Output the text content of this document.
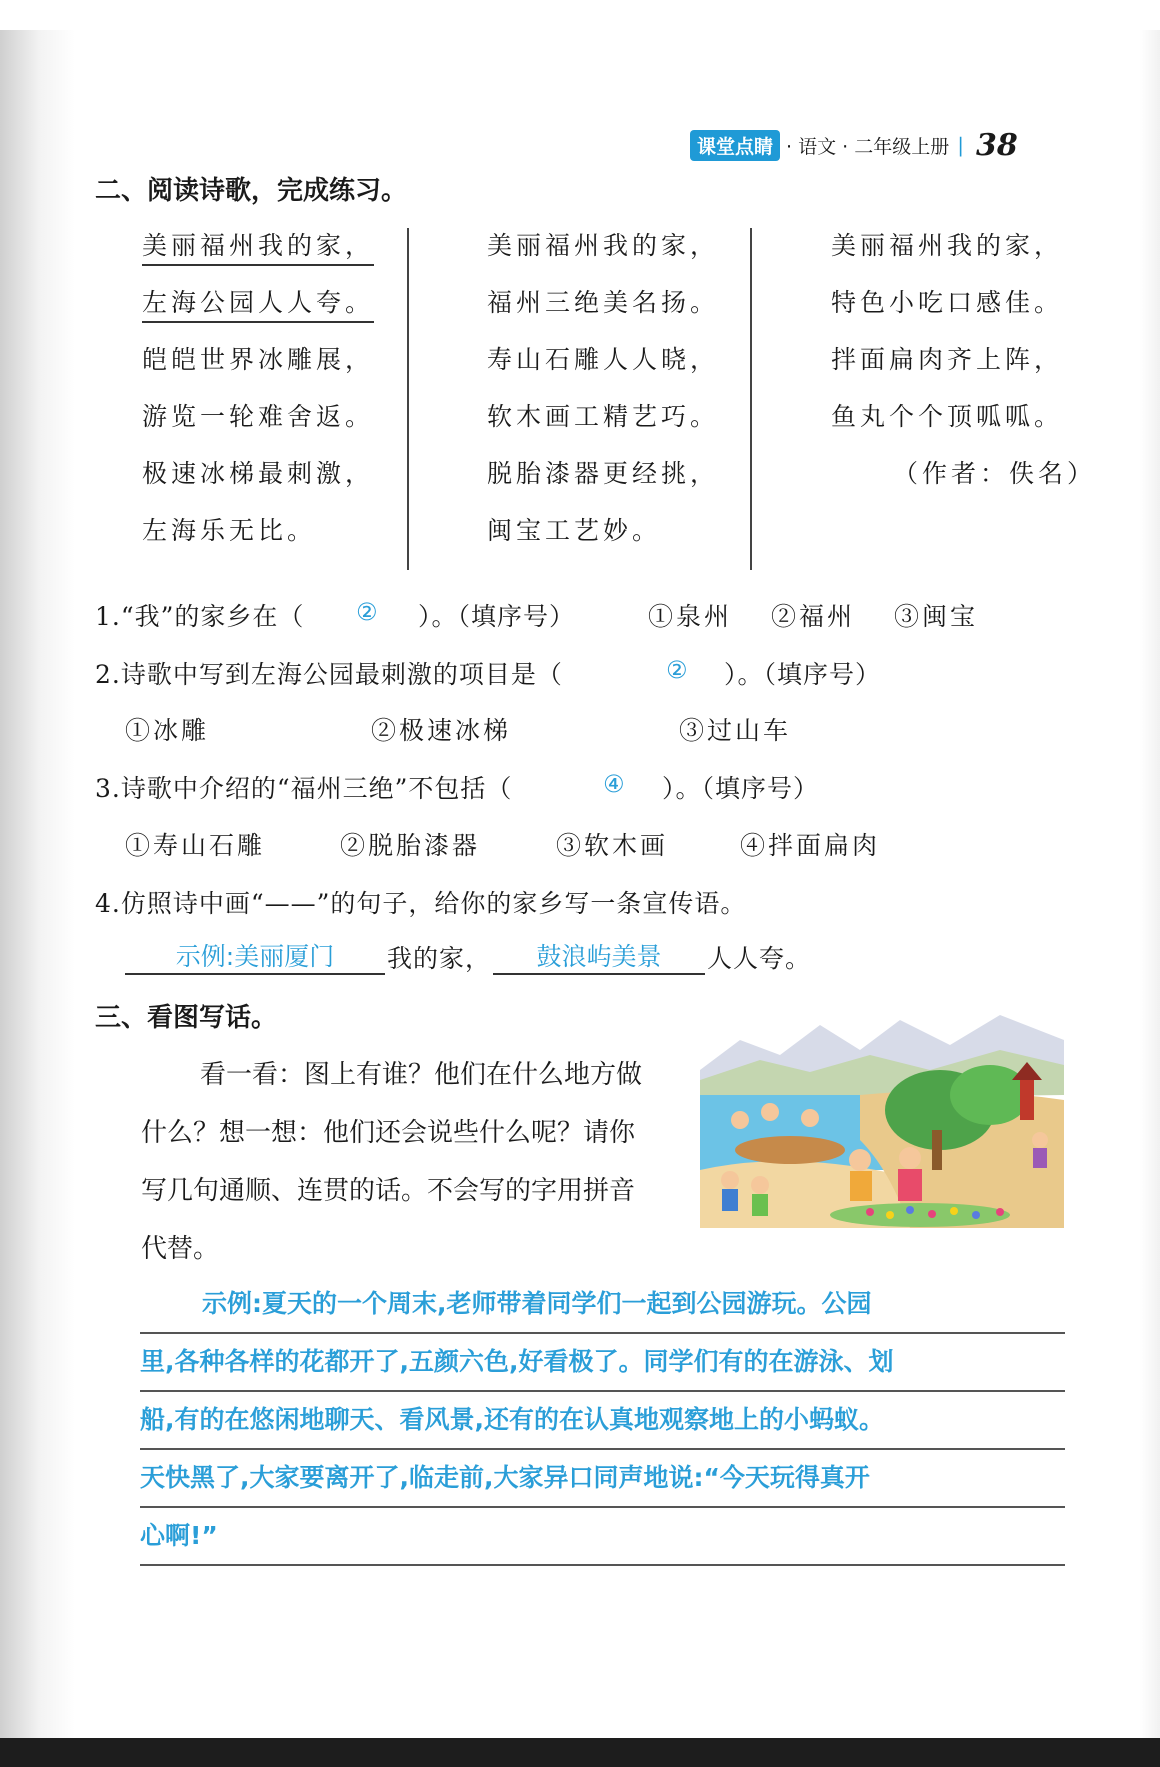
课堂点睛 · 语文 · 二年级上册 | 38
二、阅读诗歌，完成练习。
美丽福州我的家，
左海公园人人夸。
皑皑世界冰雕展，
游览一轮难舍返。
极速冰梯最刺激，
左海乐无比。
美丽福州我的家，
福州三绝美名扬。
寿山石雕人人晓，
软木画工精艺巧。
脱胎漆器更经挑，
闽宝工艺妙。
美丽福州我的家，
特色小吃口感佳。
拌面扁肉齐上阵，
鱼丸个个顶呱呱。
（作者：佚名）
1.“我”的家乡在（ ② ）。（填序号）	①泉州 ②福州 ③闽宝
2.诗歌中写到左海公园最刺激的项目是（	② ）。（填序号）
①冰雕	②极速冰梯	③过山车
3.诗歌中介绍的“福州三绝”不包括（	④ ）。（填序号）
①寿山石雕	②脱胎漆器	③软木画	④拌面扁肉
4.仿照诗中画“——”的句子，给你的家乡写一条宣传语。
示例:美丽厦门	我的家，	鼓浪屿美景	人人夸。
三、看图写话。
看一看：图上有谁？他们在什么地方做
什么？想一想：他们还会说些什么呢？请你
写几句通顺、连贯的话。不会写的字用拼音
代替。
示例:夏天的一个周末,老师带着同学们一起到公园游玩。公园
里,各种各样的花都开了,五颜六色,好看极了。同学们有的在游泳、划
船,有的在悠闲地聊天、看风景,还有的在认真地观察地上的小蚂蚁。
天快黑了,大家要离开了,临走前,大家异口同声地说:“今天玩得真开
心啊!”
